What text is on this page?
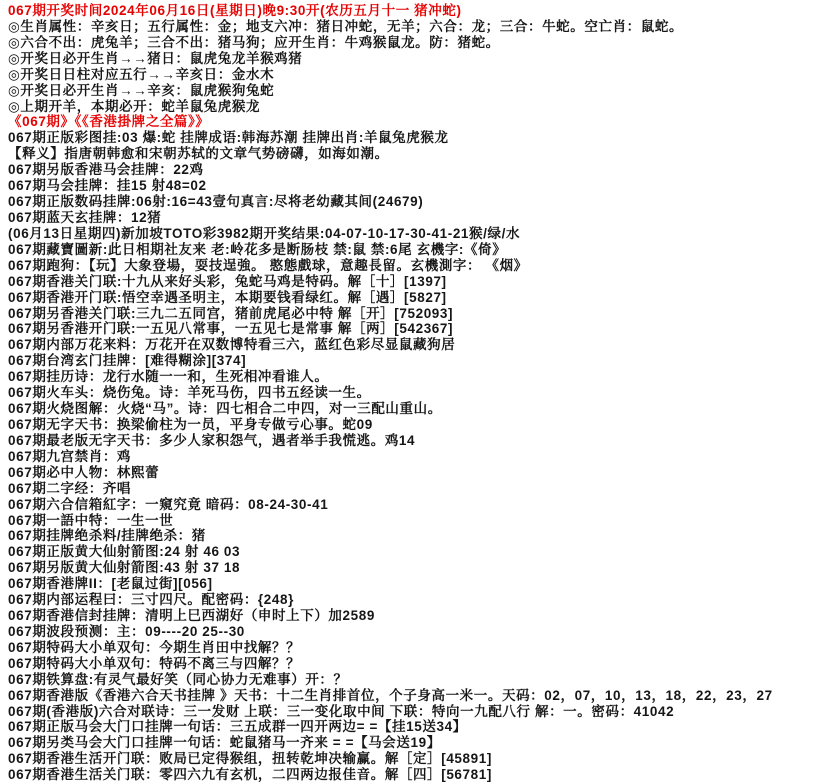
067期开奖时间2024年06月16日(星期日)晚9:30开(农历五月十一 猪冲蛇)
◎生肖属性：辛亥日；五行属性：金；地支六冲：猪日冲蛇，无羊；六合：龙；三合：牛蛇。空亡肖：鼠蛇。
◎六合不出：虎兔羊；三合不出：猪马狗；应开生肖：牛鸡猴鼠龙。防：猪蛇。
◎开奖日必开生肖→→猪日：鼠虎兔龙羊猴鸡猪
◎开奖日日柱对应五行→→辛亥日：金水木
◎开奖日必开生肖→→辛亥：鼠虎猴狗兔蛇
◎上期开羊，本期必开：蛇羊鼠兔虎猴龙
《067期》《《香港掛牌之全篇》》
067期正版彩图挂:03 爆:蛇 挂牌成语:韩海苏潮 挂牌出肖:羊鼠兔虎猴龙
【释义】指唐朝韩愈和宋朝苏轼的文章气势磅礴，如海如潮。
067期另版香港马会挂牌：22鸡
067期马会挂牌：挂15 射48=02
067期正版数码挂牌:06射:16=43壹句真言:尽将老幼藏其间(24679)
067期蓝天玄挂牌：12猪
(06月13日星期四)新加坡TOTO彩3982期开奖结果:04-07-10-17-30-41-21猴/绿/水
067期藏寶圖新:此日相期社友来 老:岭花多是断肠枝 禁:鼠 禁:6尾 玄機字:《倚》
067期跑狗：【玩】大象登場，耍技逞強。 憨態戲球，意趣長留。玄機測字： 《烟》
067期香港关门联:十九从来好头彩，兔蛇马鸡是特码。解［十］[1397]
067期香港开门联:悟空幸遇圣明主，本期要钱看绿红。解［遇］[5827]
067期另香港关门联:三九二五同宫，猪前虎尾必中特 解［开］[752093]
067期另香港开门联:一五见八常事，一五见七是常事 解［两］[542367]
067期内部万花来料：万花开在双数博特看三六，蓝红色彩尽显鼠藏狗居
067期台湾玄门挂牌：[难得糊涂][374]
067期挂历诗：龙行水随一一和，生死相冲看谁人。
067期火车头：烧伤兔。诗：羊死马伤，四书五经读一生。
067期火烧图解：火烧“马”。诗：四七相合二中四，对一三配山重山。
067期无字天书：换梁偷柱为一员，平身专做亏心事。蛇09
067期最老版无字天书：多少人家积怨气，遇者举手我慌逃。鸡14
067期九宫禁肖：鸡
067期必中人物：林熙蕾
067期二字经：齐唱
067期六合信箱紅字：一窺究竟 暗码：08-24-30-41
067期一語中特：一生一世
067期挂牌绝杀料/挂牌绝杀：猪
067期正版黄大仙射箭图:24 射 46 03
067期另版黄大仙射箭图:43 射 37 18
067期香港牌II：[老鼠过街][056]
067期内部运程曰：三寸四尺。配密码：{248}
067期香港信封挂牌：清明上巳西湖好（申时上下）加2589
067期波段预测：主：09----20 25--30
067期特码大小单双句：今期生肖田中找解？？
067期特码大小单双句：特码不离三与四解？？
067期铁算盘:有灵气最好笑（同心协力无难事）开：？
067期香港版《香港六合天书挂牌 》天书：十二生肖排首位，个子身高一米一。天码：02，07，10，13，18，22，23，27
067期(香港版)六合对联诗：三一发财 上联：三一变化取中间 下联：特向一九配八行 解：一。密码：41042
067期正版马会大门口挂牌一句话：三五成群一四开两边= =【挂15送34】
067期另类马会大门口挂牌一句话：蛇鼠猪马一齐来 = =【马会送19】
067期香港生活开门联：败局已定得猴组，扭转乾坤决输赢。解［定］[45891]
067期香港生活关门联：零四六九有玄机，二四两边报佳音。解［四］[56781]
